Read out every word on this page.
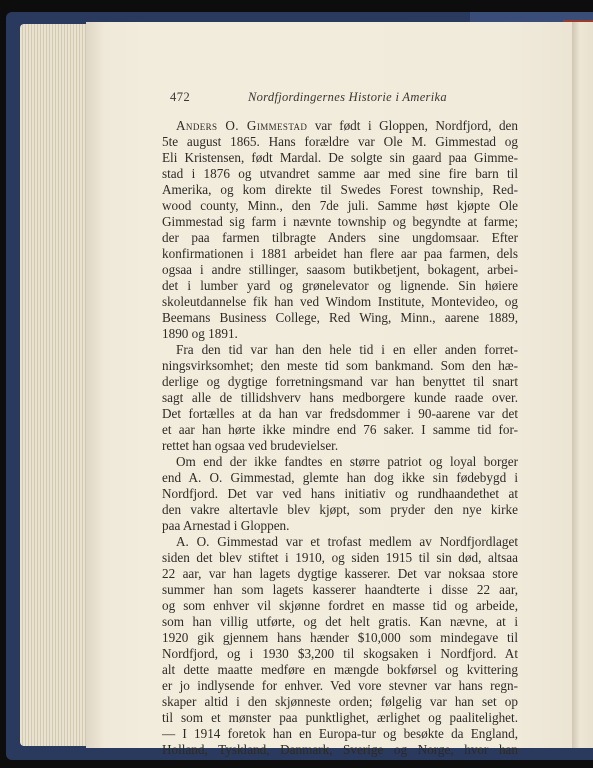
472	Nordfjordingernes Historie i Amerika
Anders O. Gimmestad var født i Gloppen, Nordfjord, den
5te august 1865. Hans forældre var Ole M. Gimmestad og
Eli Kristensen, født Mardal. De solgte sin gaard paa Gimme-
stad i 1876 og utvandret samme aar med sine fire barn til
Amerika, og kom direkte til Swedes Forest township, Red-
wood county, Minn., den 7de juli. Samme høst kjøpte Ole
Gimmestad sig farm i nævnte township og begyndte at farme;
der paa farmen tilbragte Anders sine ungdomsaar. Efter
konfirmationen i 1881 arbeidet han flere aar paa farmen, dels
ogsaa i andre stillinger, saasom butikbetjent, bokagent, arbei-
det i lumber yard og grønelevator og lignende. Sin høiere
skoleutdannelse fik han ved Windom Institute, Montevideo, og
Beemans Business College, Red Wing, Minn., aarene 1889,
1890 og 1891.
Fra den tid var han den hele tid i en eller anden forret-
ningsvirksomhet; den meste tid som bankmand. Som den hæ-
derlige og dygtige forretningsmand var han benyttet til snart
sagt alle de tillidshverv hans medborgere kunde raade over.
Det fortælles at da han var fredsdommer i 90-aarene var det
et aar han hørte ikke mindre end 76 saker. I samme tid for-
rettet han ogsaa ved brudevielser.
Om end der ikke fandtes en større patriot og loyal borger
end A. O. Gimmestad, glemte han dog ikke sin fødebygd i
Nordfjord. Det var ved hans initiativ og rundhaandethet at
den vakre altertavle blev kjøpt, som pryder den nye kirke
paa Arnestad i Gloppen.
A. O. Gimmestad var et trofast medlem av Nordfjordlaget
siden det blev stiftet i 1910, og siden 1915 til sin død, altsaa
22 aar, var han lagets dygtige kasserer. Det var noksaa store
summer han som lagets kasserer haandterte i disse 22 aar,
og som enhver vil skjønne fordret en masse tid og arbeide,
som han villig utførte, og det helt gratis. Kan nævne, at i
1920 gik gjennem hans hænder $10,000 som mindegave til
Nordfjord, og i 1930 $3,200 til skogsaken i Nordfjord. At
alt dette maatte medføre en mængde bokførsel og kvittering
er jo indlysende for enhver. Ved vore stevner var hans regn-
skaper altid i den skjønneste orden; følgelig var han set op
til som et mønster paa punktlighet, ærlighet og paalitelighet.
— I 1914 foretok han en Europa-tur og besøkte da England,
Holland, Tyskland, Danmark, Sverige og Norge, hvor han
